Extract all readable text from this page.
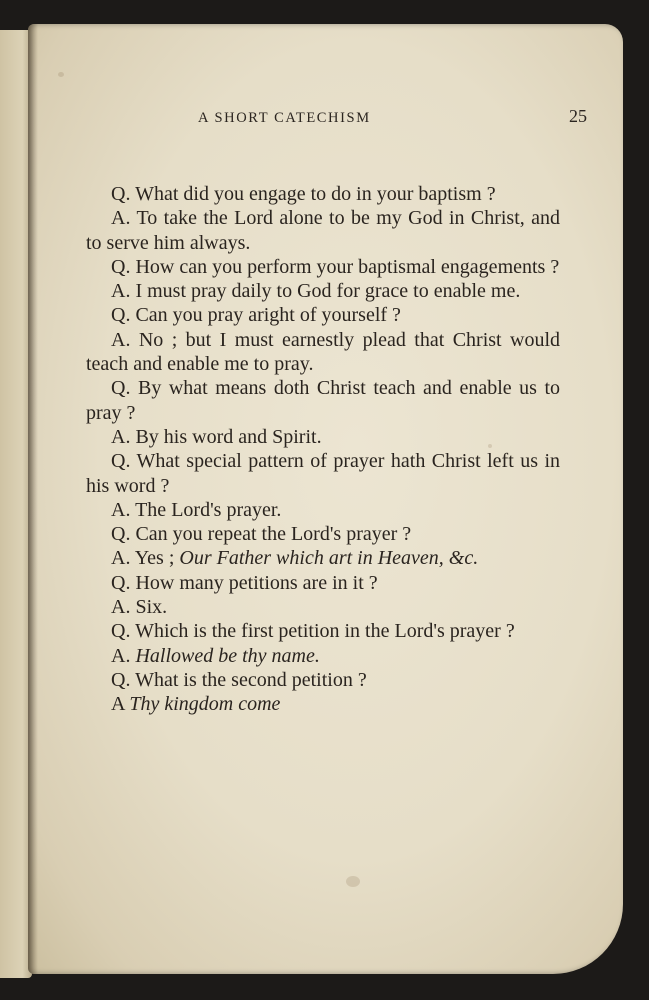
A SHORT CATECHISM	25

Q. What did you engage to do in your baptism ?

A. To take the Lord alone to be my God in Christ, and to serve him always.

Q. How can you perform your baptismal engagements ?

A. I must pray daily to God for grace to enable me.

Q. Can you pray aright of yourself ?

A. No ; but I must earnestly plead that Christ would teach and enable me to pray.

Q. By what means doth Christ teach and enable us to pray ?

A. By his word and Spirit.

Q. What special pattern of prayer hath Christ left us in his word ?

A. The Lord's prayer.

Q. Can you repeat the Lord's prayer ?

A. Yes ; Our Father which art in Heaven, &c.

Q. How many petitions are in it ?

A. Six.

Q. Which is the first petition in the Lord's prayer ?

A. Hallowed be thy name.

Q. What is the second petition ?

A Thy kingdom come
